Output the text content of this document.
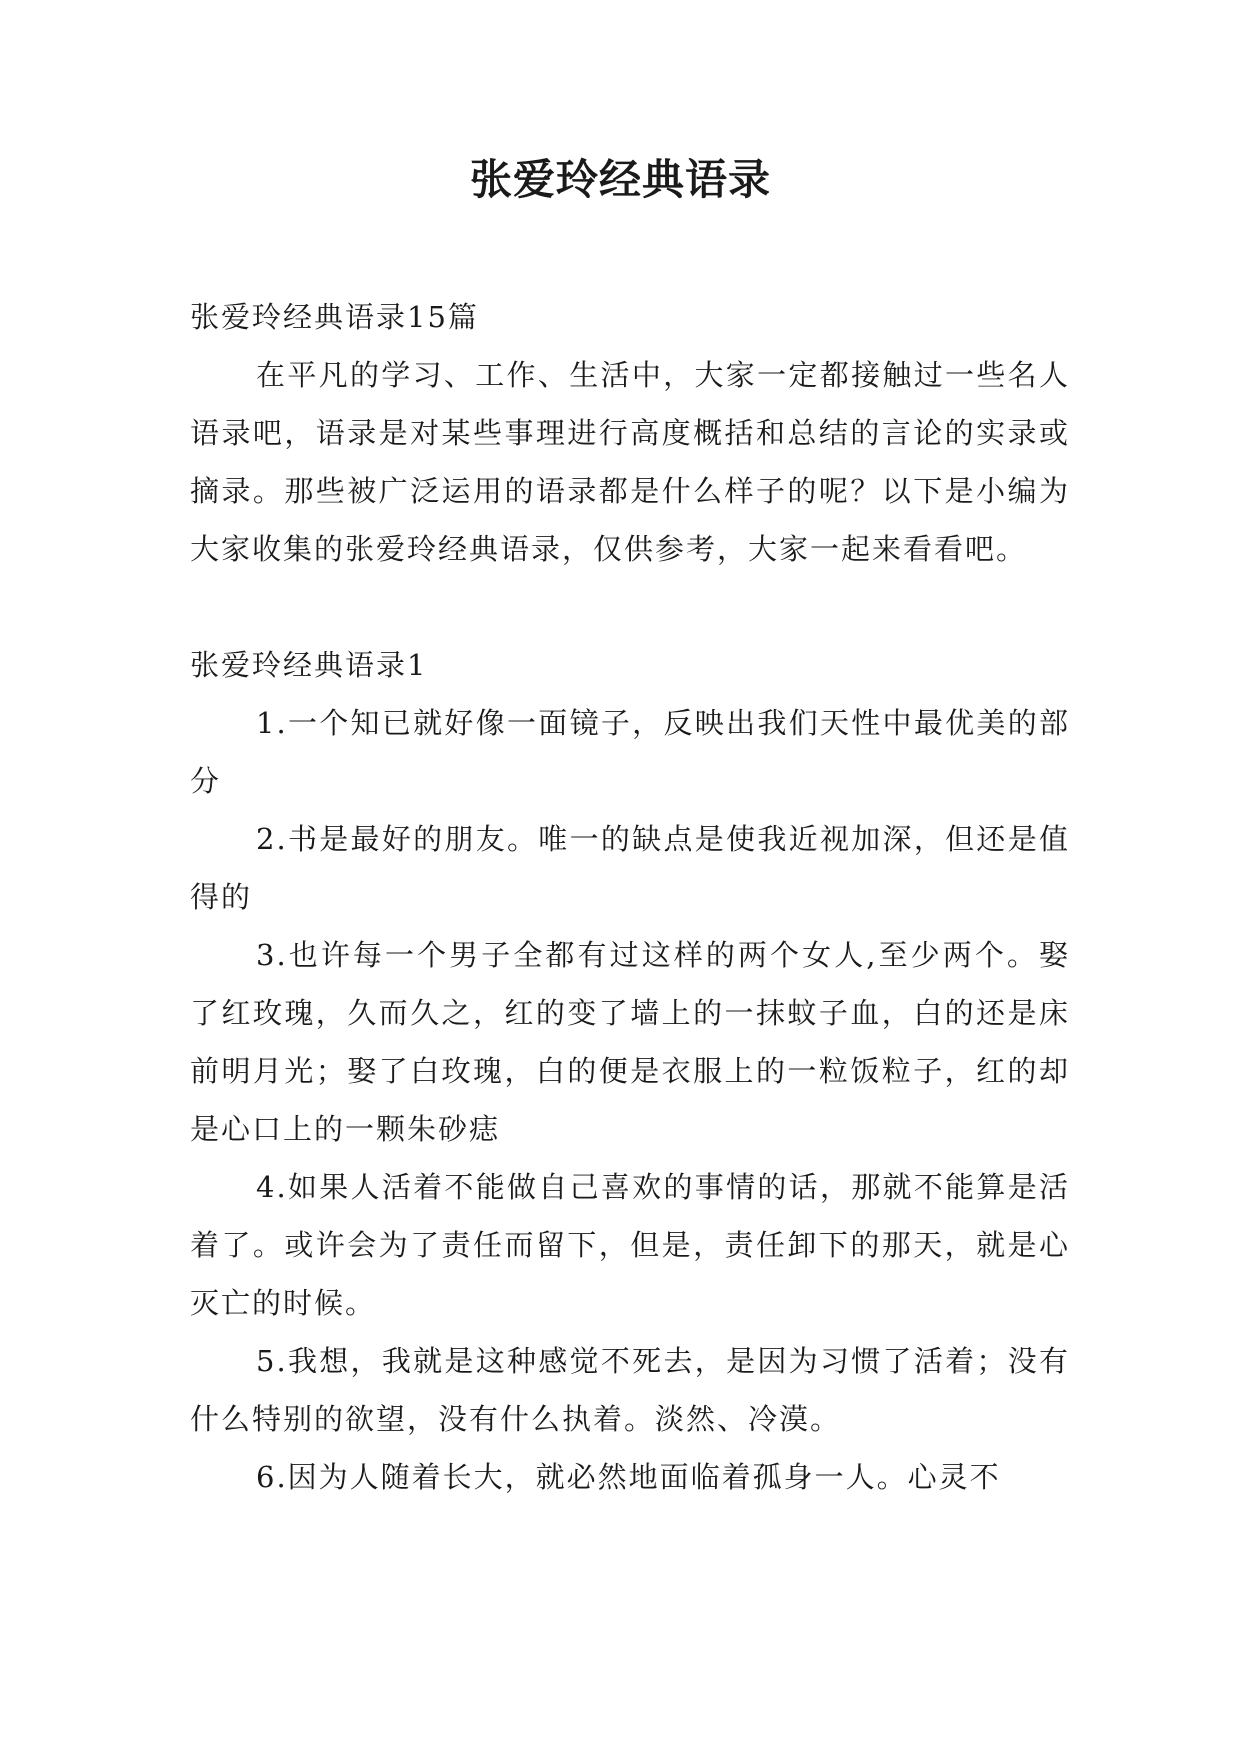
张爱玲经典语录

张爱玲经典语录15篇

在平凡的学习、工作、生活中，大家一定都接触过一些名人语录吧，语录是对某些事理进行高度概括和总结的言论的实录或摘录。那些被广泛运用的语录都是什么样子的呢？以下是小编为大家收集的张爱玲经典语录，仅供参考，大家一起来看看吧。

张爱玲经典语录1

1.一个知已就好像一面镜子，反映出我们天性中最优美的部分

2.书是最好的朋友。唯一的缺点是使我近视加深，但还是值得的

3.也许每一个男子全都有过这样的两个女人,至少两个。娶了红玫瑰，久而久之，红的变了墙上的一抹蚊子血，白的还是床前明月光；娶了白玫瑰，白的便是衣服上的一粒饭粒子，红的却是心口上的一颗朱砂痣

4.如果人活着不能做自己喜欢的事情的话，那就不能算是活着了。或许会为了责任而留下，但是，责任卸下的那天，就是心灭亡的时候。

5.我想，我就是这种感觉不死去，是因为习惯了活着；没有什么特别的欲望，没有什么执着。淡然、冷漠。

6.因为人随着长大，就必然地面临着孤身一人。心灵不
